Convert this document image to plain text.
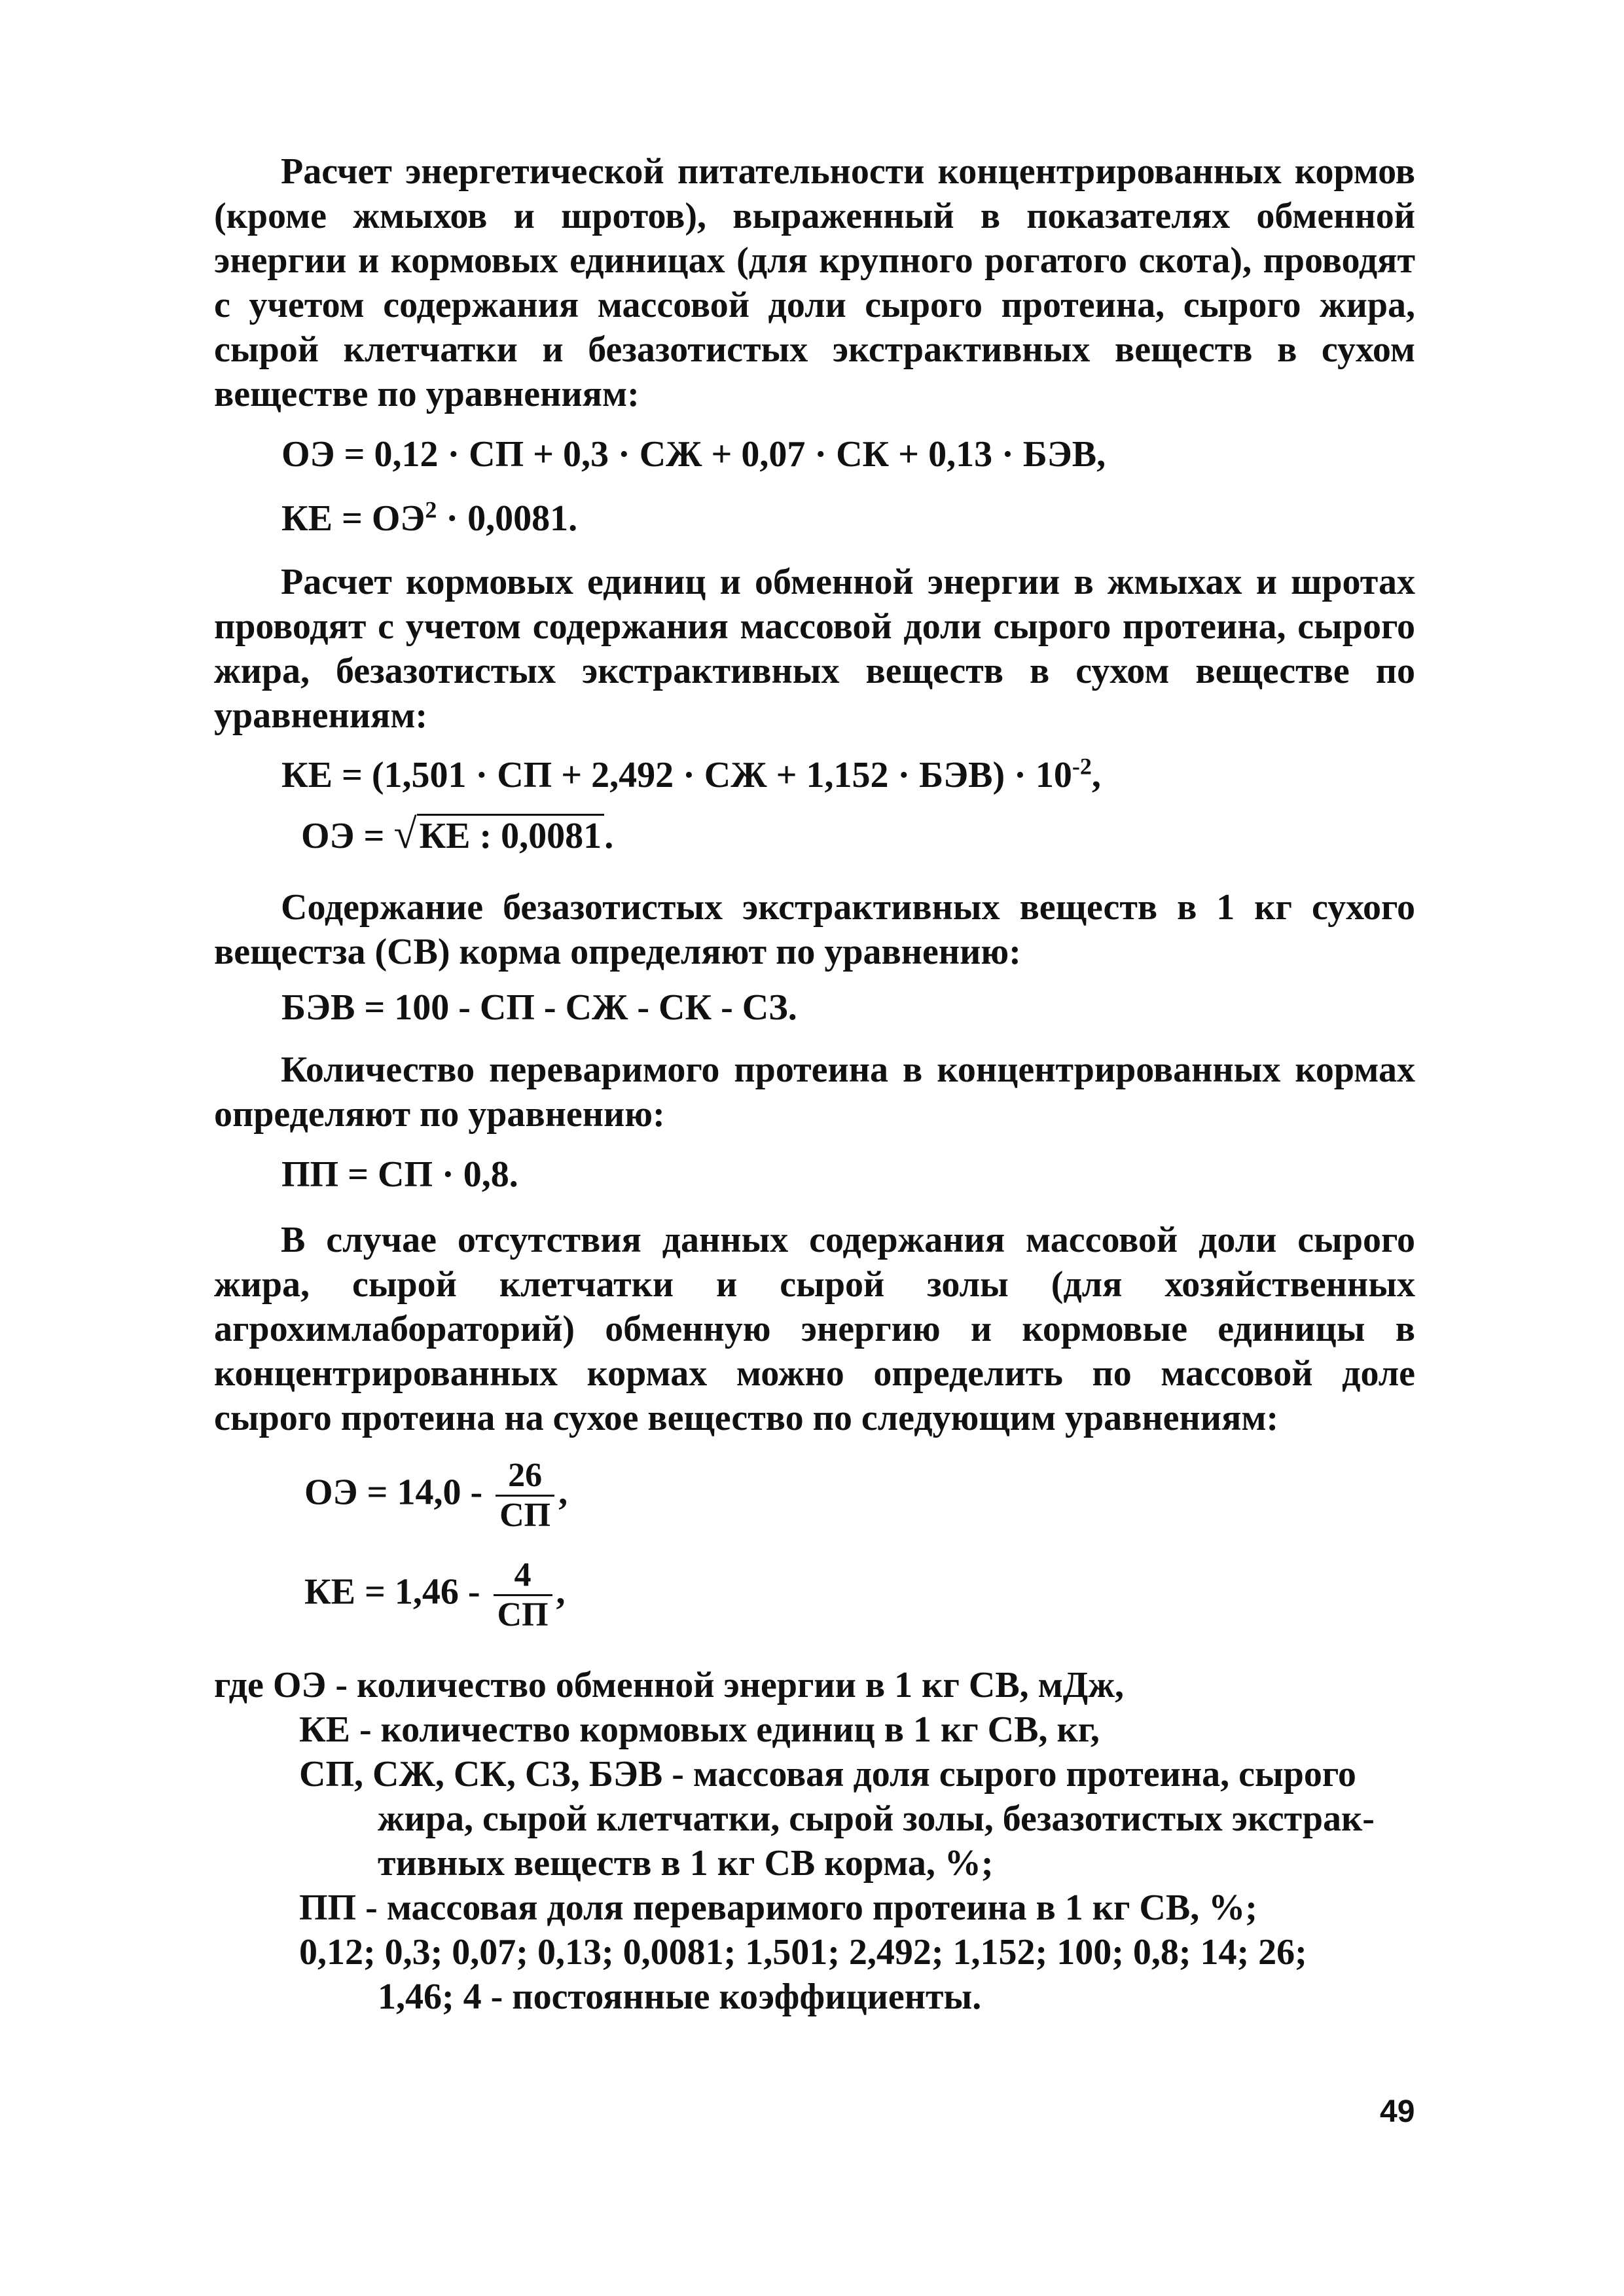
Расчет энергетической питательности концентрированных кормов (кроме жмыхов и шротов), выраженный в показателях обменной энергии и кормовых единицах (для крупного рогатого скота), проводят с учетом содержания массовой доли сырого протеина, сырого жира, сырой клетчатки и безазотистых экстрактивных веществ в сухом веществе по уравнениям:
ОЭ = 0,12 · СП + 0,3 · СЖ + 0,07 · СК + 0,13 · БЭВ,
КЕ = $ОЭ^2 \cdot 0,0081$.
Расчет кормовых единиц и обменной энергии в жмыхах и шротах проводят с учетом содержания массовой доли сырого протеина, сырого жира, безазотистых экстрактивных веществ в сухом веществе по уравнениям:
КЕ = (1,501 · СП + 2,492 · СЖ + $1,152 \cdot БЭВ) \cdot 10^{-2}$,
ОЭ = √КЕ : 0,0081.
Содержание безазотистых экстрактивных веществ в 1 кг сухого вещестза (СВ) корма определяют по уравнению:
БЭВ = 100 - СП - СЖ - СК - СЗ.
Количество переваримого протеина в концентрированных кормах определяют по уравнению:
ПП = СП · 0,8.
В случае отсутствия данных содержания массовой доли сырого жира, сырой клетчатки и сырой золы (для хозяйственных агрохимлабораторий) обменную энергию и кормовые единицы в концентрированных кормах можно определить по массовой доле сырого протеина на сухое вещество по следующим уравнениям:
ОЭ = $14,0 - \frac{26}{СП}$ ,
КЕ = $1,46 - \frac{4}{СП}$ ,
где ОЭ - количество обменной энергии в 1 кг СВ, мДж,
КЕ - количество кормовых единиц в 1 кг СВ, кг,
СП, СЖ, СК, СЗ, БЭВ - массовая доля сырого протеина, сырого
жира, сырой клетчатки, сырой золы, безазотистых экстрак-
тивных веществ в 1 кг СВ корма, %;
ПП - массовая доля переваримого протеина в 1 кг СВ, %;
0,12; 0,3; 0,07; 0,13; 0,0081; 1,501; 2,492; 1,152; 100; 0,8; 14; 26;
1,46; 4 - постоянные коэффициенты.
49
